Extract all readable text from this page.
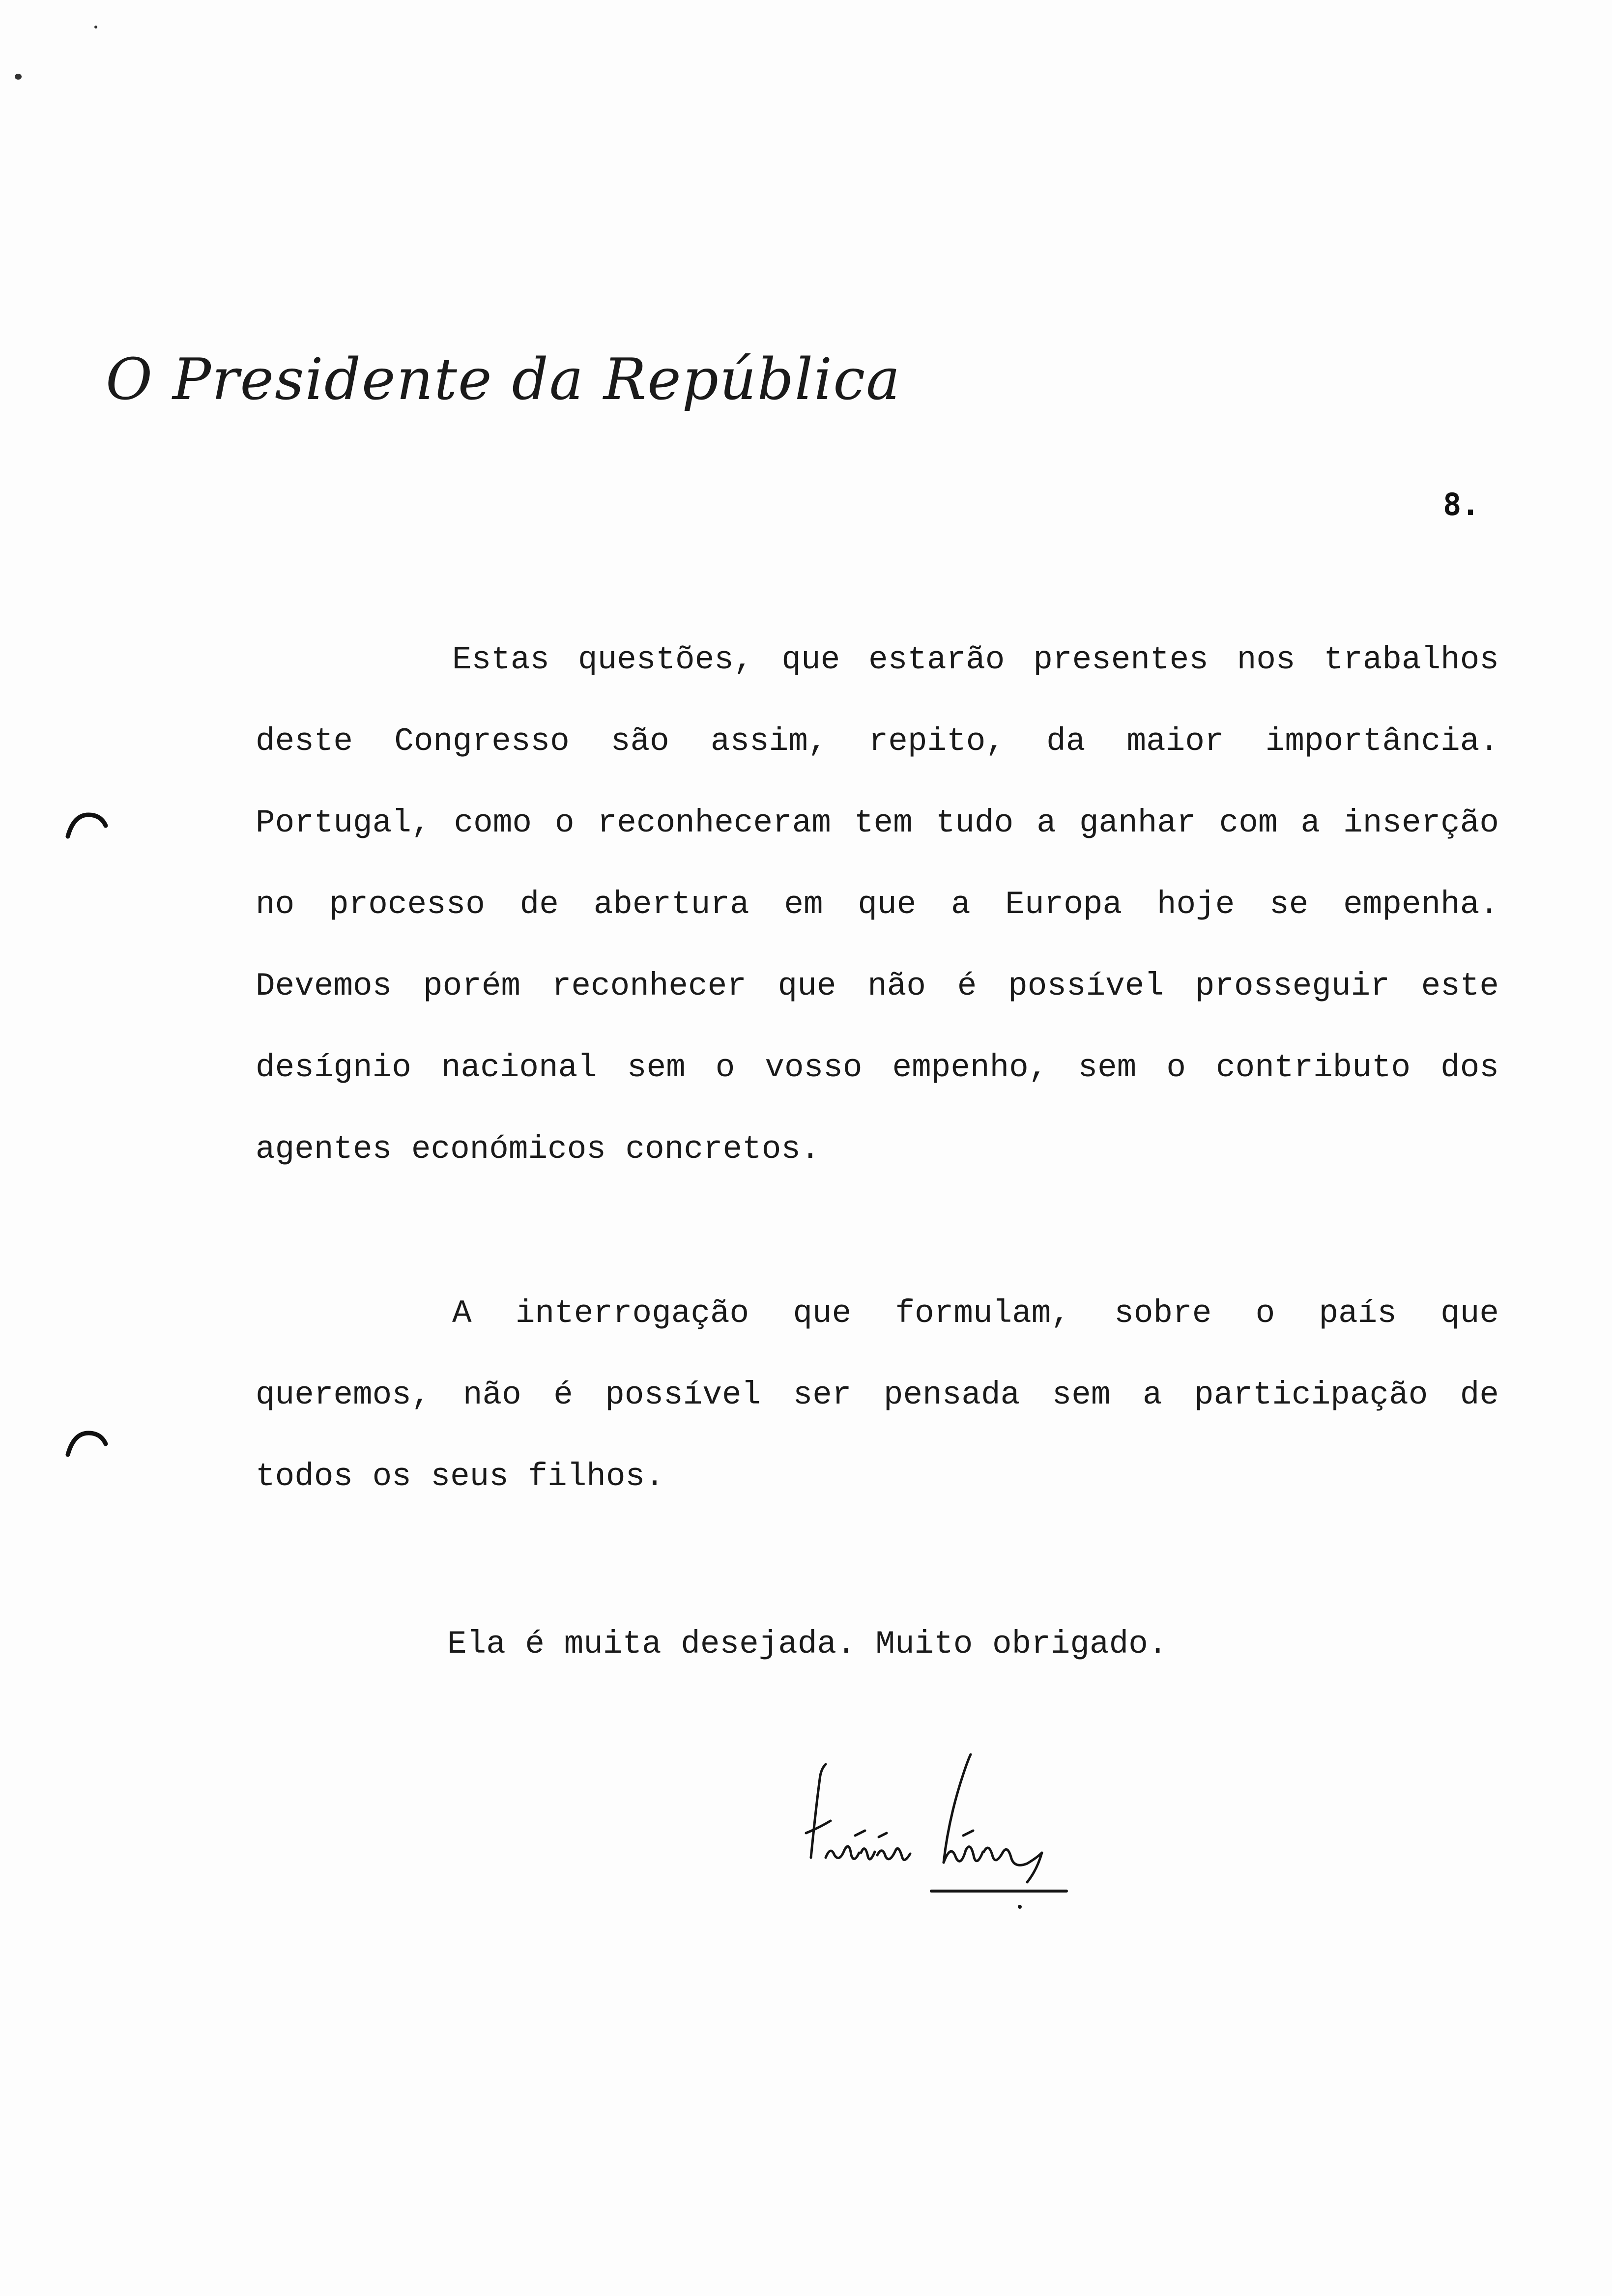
O Presidente da República
8.
Estas questões, que estarão presentes nos trabalhos
deste Congresso são assim, repito, da maior importância.
Portugal, como o reconheceram tem tudo a ganhar com a inserção
no processo de abertura em que a Europa hoje se empenha.
Devemos porém reconhecer que não é possível prosseguir este
desígnio nacional sem o vosso empenho, sem o contributo dos
agentes económicos concretos.
A interrogação que formulam, sobre o país que
queremos, não é possível ser pensada sem a participação de
todos os seus filhos.
Ela é muita desejada. Muito obrigado.
